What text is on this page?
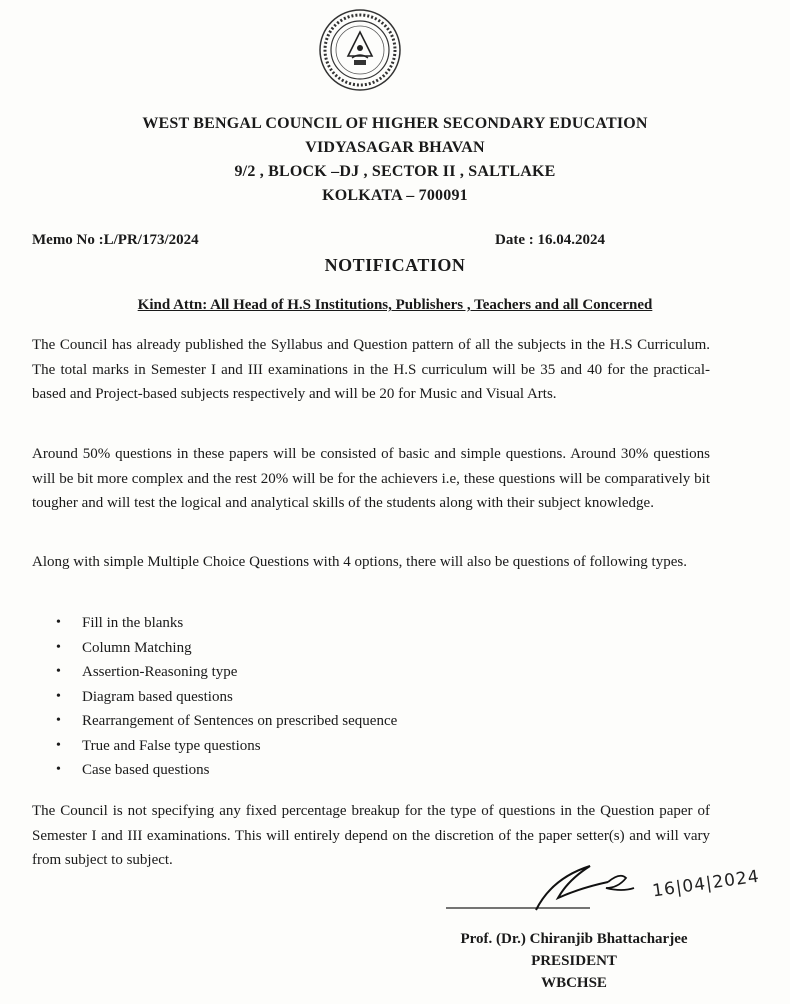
WEST BENGAL COUNCIL OF HIGHER SECONDARY EDUCATION
VIDYASAGAR BHAVAN
9/2 , BLOCK –DJ , SECTOR II , SALTLAKE
KOLKATA – 700091
Memo No :L/PR/173/2024	Date : 16.04.2024
NOTIFICATION
Kind Attn: All Head of H.S Institutions, Publishers , Teachers and all Concerned
The Council has already published the Syllabus and Question pattern of all the subjects in the H.S Curriculum. The total marks in Semester I and III examinations in the H.S curriculum will be 35 and 40 for the practical-based and Project-based subjects respectively and will be 20 for Music and Visual Arts.
Around 50% questions in these papers will be consisted of basic and simple questions. Around 30% questions will be bit more complex and the rest 20% will be for the achievers i.e, these questions will be comparatively bit tougher and will test the logical and analytical skills of the students along with their subject knowledge.
Along with simple Multiple Choice Questions with 4 options, there will also be questions of following types.
• Fill in the blanks
• Column Matching
• Assertion-Reasoning type
• Diagram based questions
• Rearrangement of Sentences on prescribed sequence
• True and False type questions
• Case based questions
The Council is not specifying any fixed percentage breakup for the type of questions in the Question paper of Semester I and III examinations. This will entirely depend on the discretion of the paper setter(s) and will vary from subject to subject.
16|04|2024
Prof. (Dr.) Chiranjib Bhattacharjee
PRESIDENT
WBCHSE
